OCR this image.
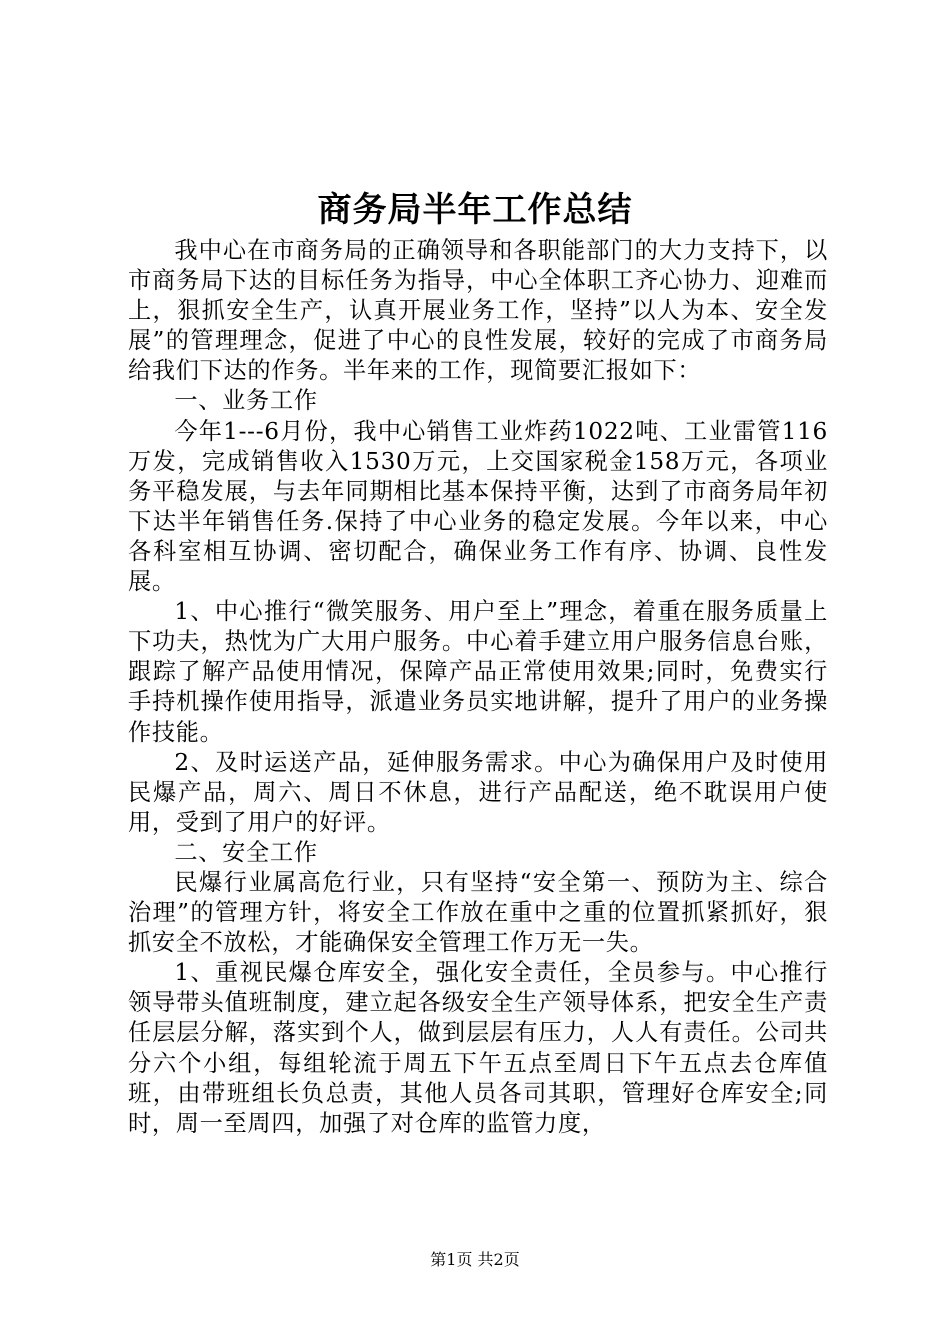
商务局半年工作总结

我中心在市商务局的正确领导和各职能部门的大力支持下，以市商务局下达的目标任务为指导，中心全体职工齐心协力、迎难而上，狠抓安全生产，认真开展业务工作，坚持”以人为本、安全发展”的管理理念，促进了中心的良性发展，较好的完成了市商务局给我们下达的作务。半年来的工作，现简要汇报如下：

一、业务工作

今年1---6月份，我中心销售工业炸药1022吨、工业雷管116万发，完成销售收入1530万元，上交国家税金158万元，各项业务平稳发展，与去年同期相比基本保持平衡，达到了市商务局年初下达半年销售任务.保持了中心业务的稳定发展。今年以来，中心各科室相互协调、密切配合，确保业务工作有序、协调、良性发展。

1、中心推行“微笑服务、用户至上”理念，着重在服务质量上下功夫，热忱为广大用户服务。中心着手建立用户服务信息台账，跟踪了解产品使用情况，保障产品正常使用效果;同时，免费实行手持机操作使用指导，派遣业务员实地讲解，提升了用户的业务操作技能。

2、及时运送产品，延伸服务需求。中心为确保用户及时使用民爆产品，周六、周日不休息，进行产品配送，绝不耽误用户使用，受到了用户的好评。

二、安全工作

民爆行业属高危行业，只有坚持“安全第一、预防为主、综合治理”的管理方针，将安全工作放在重中之重的位置抓紧抓好，狠抓安全不放松，才能确保安全管理工作万无一失。

1、重视民爆仓库安全，强化安全责任，全员参与。中心推行领导带头值班制度，建立起各级安全生产领导体系，把安全生产责任层层分解，落实到个人，做到层层有压力，人人有责任。公司共分六个小组，每组轮流于周五下午五点至周日下午五点去仓库值班，由带班组长负总责，其他人员各司其职，管理好仓库安全;同时，周一至周四，加强了对仓库的监管力度，

第1页 共2页
